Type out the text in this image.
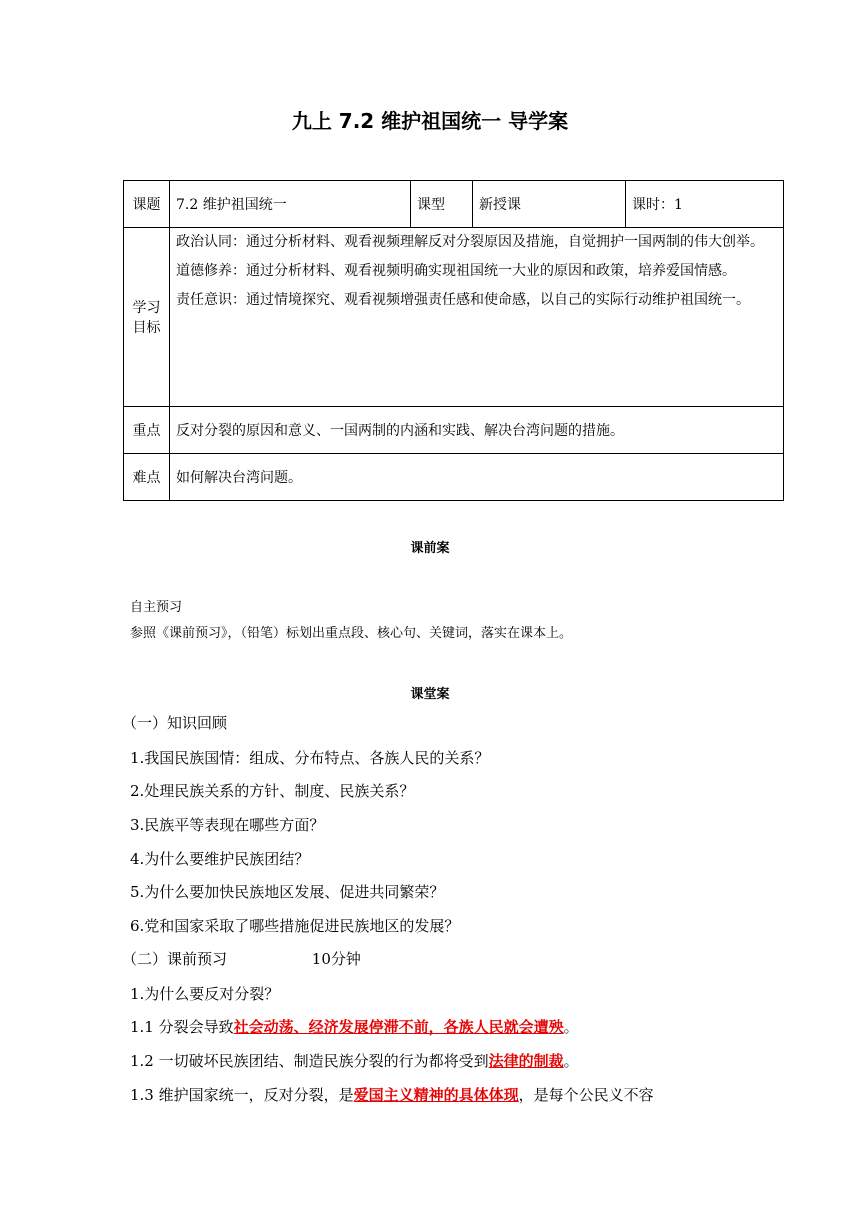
九上 7.2 维护祖国统一 导学案
课题	7.2 维护祖国统一	课型	新授课	课时：1
学习目标	政治认同：通过分析材料、观看视频理解反对分裂原因及措施，自觉拥护一国两制的伟大创举。

道德修养：通过分析材料、观看视频明确实现祖国统一大业的原因和政策，培养爱国情感。

责任意识：通过情境探究、观看视频增强责任感和使命感，以自己的实际行动维护祖国统一。			

重点	反对分裂的原因和意义、一国两制的内涵和实践、解决台湾问题的措施。			
难点	如何解决台湾问题。			
课前案
自主预习
参照《课前预习》，（铅笔）标划出重点段、核心句、关键词，落实在课本上。
课堂案
（一）知识回顾
1.我国民族国情：组成、分布特点、各族人民的关系？
2.处理民族关系的方针、制度、民族关系？
3.民族平等表现在哪些方面？
4.为什么要维护民族团结？
5.为什么要加快民族地区发展、促进共同繁荣？
6.党和国家采取了哪些措施促进民族地区的发展？
（二）课前预习	10分钟
1.为什么要反对分裂？
1.1 分裂会导致社会动荡、经济发展停滞不前，各族人民就会遭殃。
1.2 一切破坏民族团结、制造民族分裂的行为都将受到法律的制裁。
1.3 维护国家统一，反对分裂，是爱国主义精神的具体体现，是每个公民义不容
